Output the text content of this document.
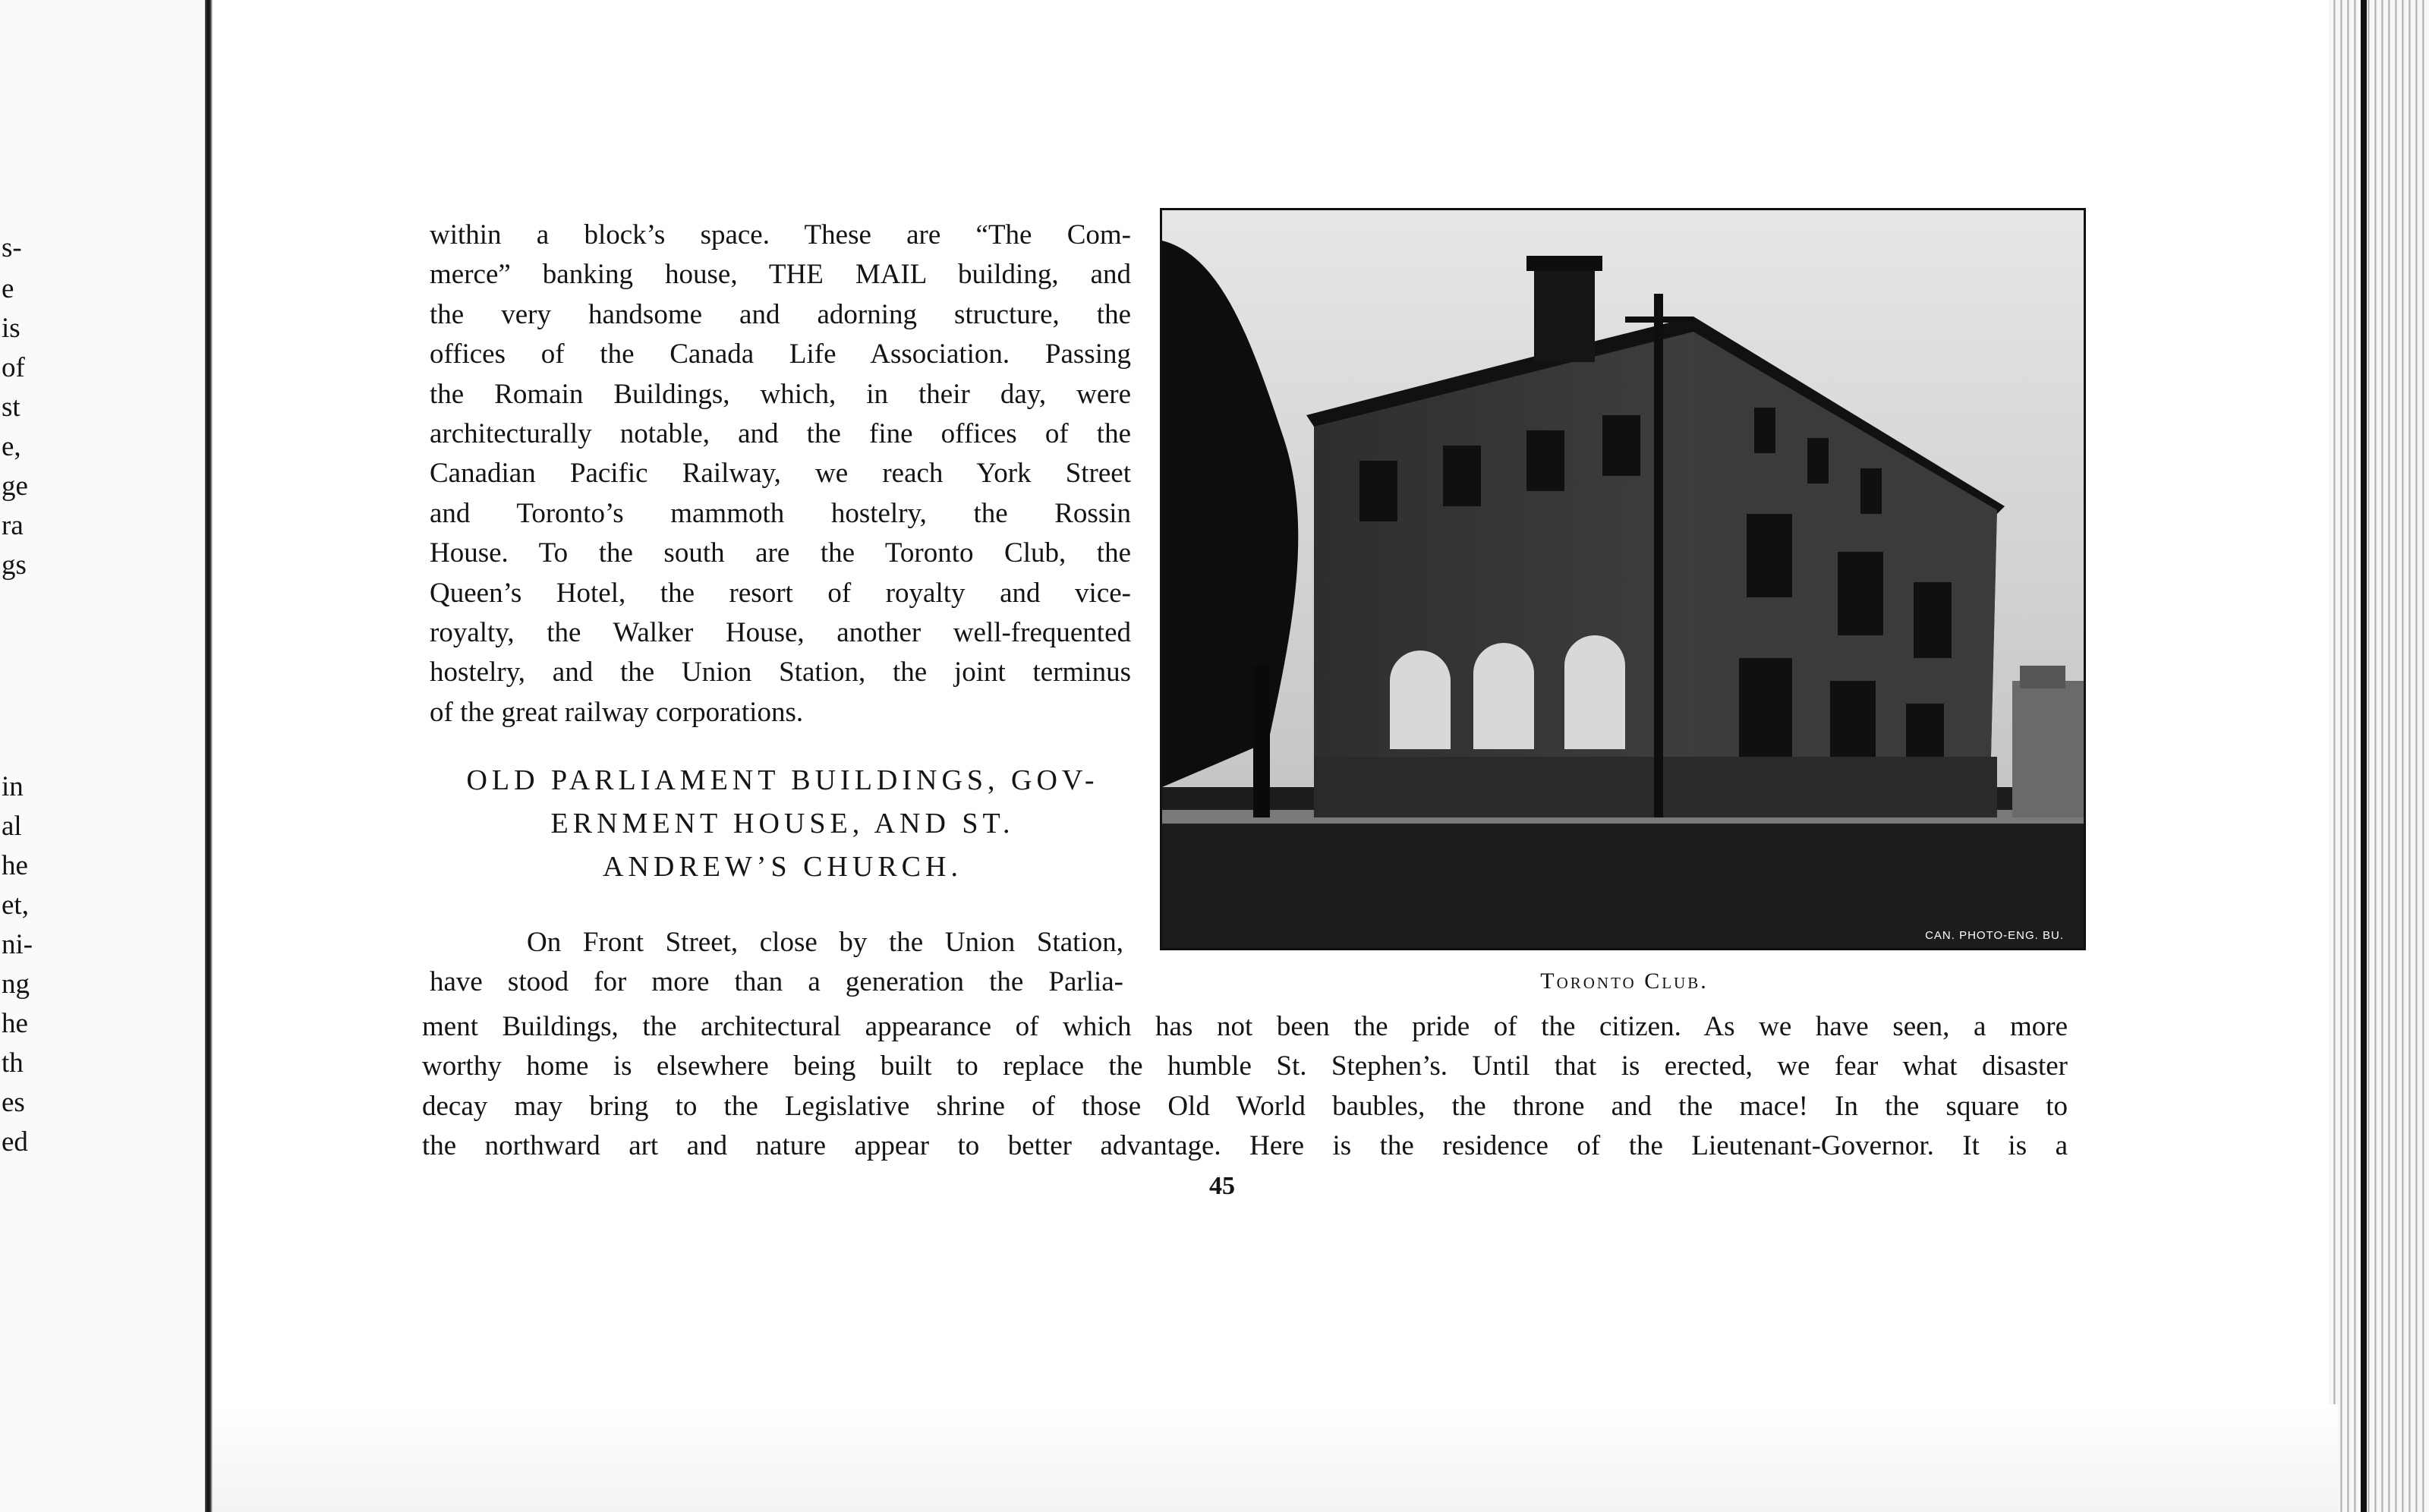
s-
e
is
of
st
e,
ge
ra
gs
in
al
he
et,
ni-
ng
he
th
es
ed
within a block’s space. These are “The Com-
merce” banking house, THE MAIL building, and
the very handsome and adorning structure, the
offices of the Canada Life Association. Passing
the Romain Buildings, which, in their day, were
architecturally notable, and the fine offices of the
Canadian Pacific Railway, we reach York Street
and Toronto’s mammoth hostelry, the Rossin
House. To the south are the Toronto Club, the
Queen’s Hotel, the resort of royalty and vice-
royalty, the Walker House, another well-frequented
hostelry, and the Union Station, the joint terminus
of the great railway corporations.
OLD PARLIAMENT BUILDINGS, GOV-
ERNMENT HOUSE, AND ST.
ANDREW’S CHURCH.
On Front Street, close by the Union Station,
have stood for more than a generation the Parlia-
ment Buildings, the architectural appearance of which has not been the pride of the citizen. As we have seen, a more
worthy home is elsewhere being built to replace the humble St. Stephen’s. Until that is erected, we fear what disaster
decay may bring to the Legislative shrine of those Old World baubles, the throne and the mace! In the square to
the northward art and nature appear to better advantage. Here is the residence of the Lieutenant-Governor. It is a
CAN. PHOTO-ENG. BU.
Toronto Club.
45
